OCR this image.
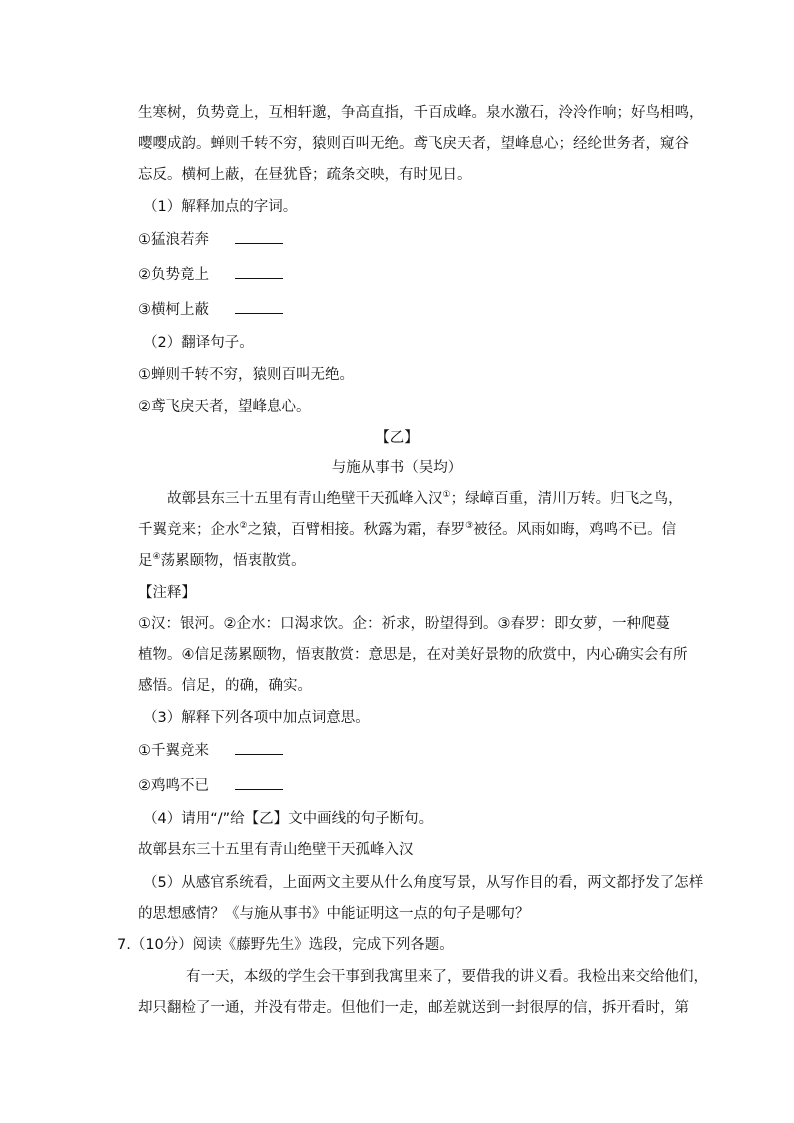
生寒树，负势竟上，互相轩邈，争高直指，千百成峰。泉水激石，泠泠作响；好鸟相鸣，
嘤嘤成韵。蝉则千转不穷，猿则百叫无绝。鸢飞戾天者，望峰息心；经纶世务者，窥谷
忘反。横柯上蔽，在昼犹昏；疏条交映，有时见日。
（1）解释加点的字词。
①猛浪若奔
②负势竟上
③横柯上蔽
（2）翻译句子。
①蝉则千转不穷，猿则百叫无绝。
②鸢飞戾天者，望峰息心。
【乙】
与施从事书（吴均）
故鄣县东三十五里有青山绝壁干天孤峰入汉①；绿嶂百重，清川万转。归飞之鸟，
千翼竞来；企水②之猿，百臂相接。秋露为霜，春罗③被径。风雨如晦，鸡鸣不已。信
足④荡累颐物，悟衷散赏。
【注释】
①汉：银河。②企水：口渴求饮。企：祈求，盼望得到。③春罗：即女萝，一种爬蔓
植物。④信足荡累颐物，悟衷散赏：意思是，在对美好景物的欣赏中，内心确实会有所
感悟。信足，的确，确实。
（3）解释下列各项中加点词意思。
①千翼竞来
②鸡鸣不已
（4）请用“/”给【乙】文中画线的句子断句。
故鄣县东三十五里有青山绝壁干天孤峰入汉
（5）从感官系统看，上面两文主要从什么角度写景，从写作目的看，两文都抒发了怎样
的思想感情？《与施从事书》中能证明这一点的句子是哪句？
7.（10分）阅读《藤野先生》选段，完成下列各题。
有一天，本级的学生会干事到我寓里来了，要借我的讲义看。我检出来交给他们，
却只翻检了一通，并没有带走。但他们一走，邮差就送到一封很厚的信，拆开看时，第
